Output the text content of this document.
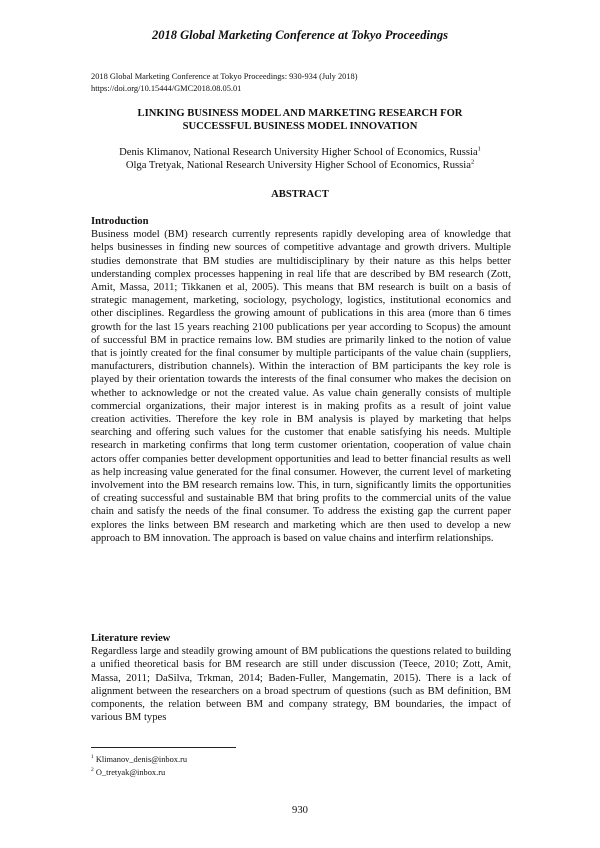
2018 Global Marketing Conference at Tokyo Proceedings
2018 Global Marketing Conference at Tokyo Proceedings: 930-934 (July 2018)
https://doi.org/10.15444/GMC2018.08.05.01
LINKING BUSINESS MODEL AND MARKETING RESEARCH FOR
SUCCESSFUL BUSINESS MODEL INNOVATION
Denis Klimanov, National Research University Higher School of Economics, Russia$^1$
Olga Tretyak, National Research University Higher School of Economics, Russia$^2$
ABSTRACT
Introduction

Business model (BM) research currently represents rapidly developing area of knowledge that helps businesses in finding new sources of competitive advantage and growth drivers. Multiple studies demonstrate that BM studies are multidisciplinary by their nature as this helps better understanding complex processes happening in real life that are described by BM research (Zott, Amit, Massa, 2011; Tikkanen et al, 2005). This means that BM research is built on a basis of strategic management, marketing, sociology, psychology, logistics, institutional economics and other disciplines. Regardless the growing amount of publications in this area (more than 6 times growth for the last 15 years reaching 2100 publications per year according to Scopus) the amount of successful BM in practice remains low. BM studies are primarily linked to the notion of value that is jointly created for the final consumer by multiple participants of the value chain (suppliers, manufacturers, distribution channels). Within the interaction of BM participants the key role is played by their orientation towards the interests of the final consumer who makes the decision on whether to acknowledge or not the created value. As value chain generally consists of multiple commercial organizations, their major interest is in making profits as a result of joint value creation activities. Therefore the key role in BM analysis is played by marketing that helps searching and offering such values for the customer that enable satisfying his needs. Multiple research in marketing confirms that long term customer orientation, cooperation of value chain actors offer companies better development opportunities and lead to better financial results as well as help increasing value generated for the final consumer. However, the current level of marketing involvement into the BM research remains low. This, in turn, significantly limits the opportunities of creating successful and sustainable BM that bring profits to the commercial units of the value chain and satisfy the needs of the final consumer. To address the existing gap the current paper explores the links between BM research and marketing which are then used to develop a new approach to BM innovation. The approach is based on value chains and interfirm relationships.

Literature review

Regardless large and steadily growing amount of BM publications the questions related to building a unified theoretical basis for BM research are still under discussion (Teece, 2010; Zott, Amit, Massa, 2011; DaSilva, Trkman, 2014; Baden-Fuller, Mangematin, 2015). There is a lack of alignment between the researchers on a broad spectrum of questions (such as BM definition, BM components, the relation between BM and company strategy, BM boundaries, the impact of various BM types

$^1$ Klimanov_denis@inbox.ru
$^2$ O_tretyak@inbox.ru
930
